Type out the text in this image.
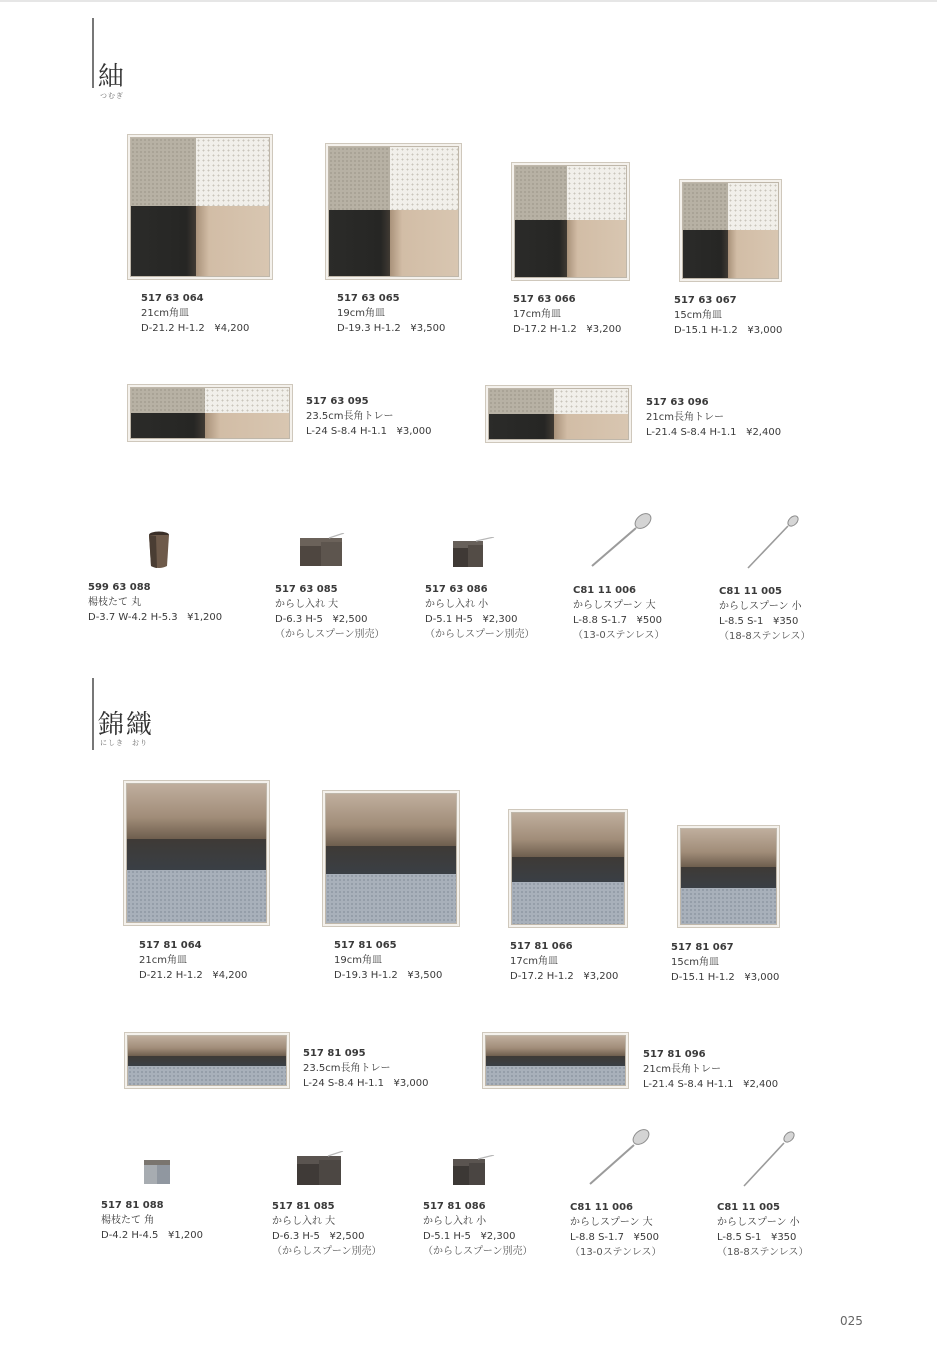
紬
つむぎ
517 63 064
21cm角皿
D-21.2 H-1.2 ¥4,200
517 63 065
19cm角皿
D-19.3 H-1.2 ¥3,500
517 63 066
17cm角皿
D-17.2 H-1.2 ¥3,200
517 63 067
15cm角皿
D-15.1 H-1.2 ¥3,000
517 63 095
23.5cm長角トレー
L-24 S-8.4 H-1.1 ¥3,000
517 63 096
21cm長角トレー
L-21.4 S-8.4 H-1.1 ¥2,400
599 63 088
楊枝たて 丸
D-3.7 W-4.2 H-5.3 ¥1,200
517 63 085
からし入れ 大
D-6.3 H-5 ¥2,500
（からしスプーン別売）
517 63 086
からし入れ 小
D-5.1 H-5 ¥2,300
（からしスプーン別売）
C81 11 006
からしスプーン 大
L-8.8 S-1.7 ¥500
（13-0ステンレス）
C81 11 005
からしスプーン 小
L-8.5 S-1 ¥350
（18-8ステンレス）
錦織
にしき　おり
517 81 064
21cm角皿
D-21.2 H-1.2 ¥4,200
517 81 065
19cm角皿
D-19.3 H-1.2 ¥3,500
517 81 066
17cm角皿
D-17.2 H-1.2 ¥3,200
517 81 067
15cm角皿
D-15.1 H-1.2 ¥3,000
517 81 095
23.5cm長角トレー
L-24 S-8.4 H-1.1 ¥3,000
517 81 096
21cm長角トレー
L-21.4 S-8.4 H-1.1 ¥2,400
517 81 088
楊枝たて 角
D-4.2 H-4.5 ¥1,200
517 81 085
からし入れ 大
D-6.3 H-5 ¥2,500
（からしスプーン別売）
517 81 086
からし入れ 小
D-5.1 H-5 ¥2,300
（からしスプーン別売）
C81 11 006
からしスプーン 大
L-8.8 S-1.7 ¥500
（13-0ステンレス）
C81 11 005
からしスプーン 小
L-8.5 S-1 ¥350
（18-8ステンレス）
025
